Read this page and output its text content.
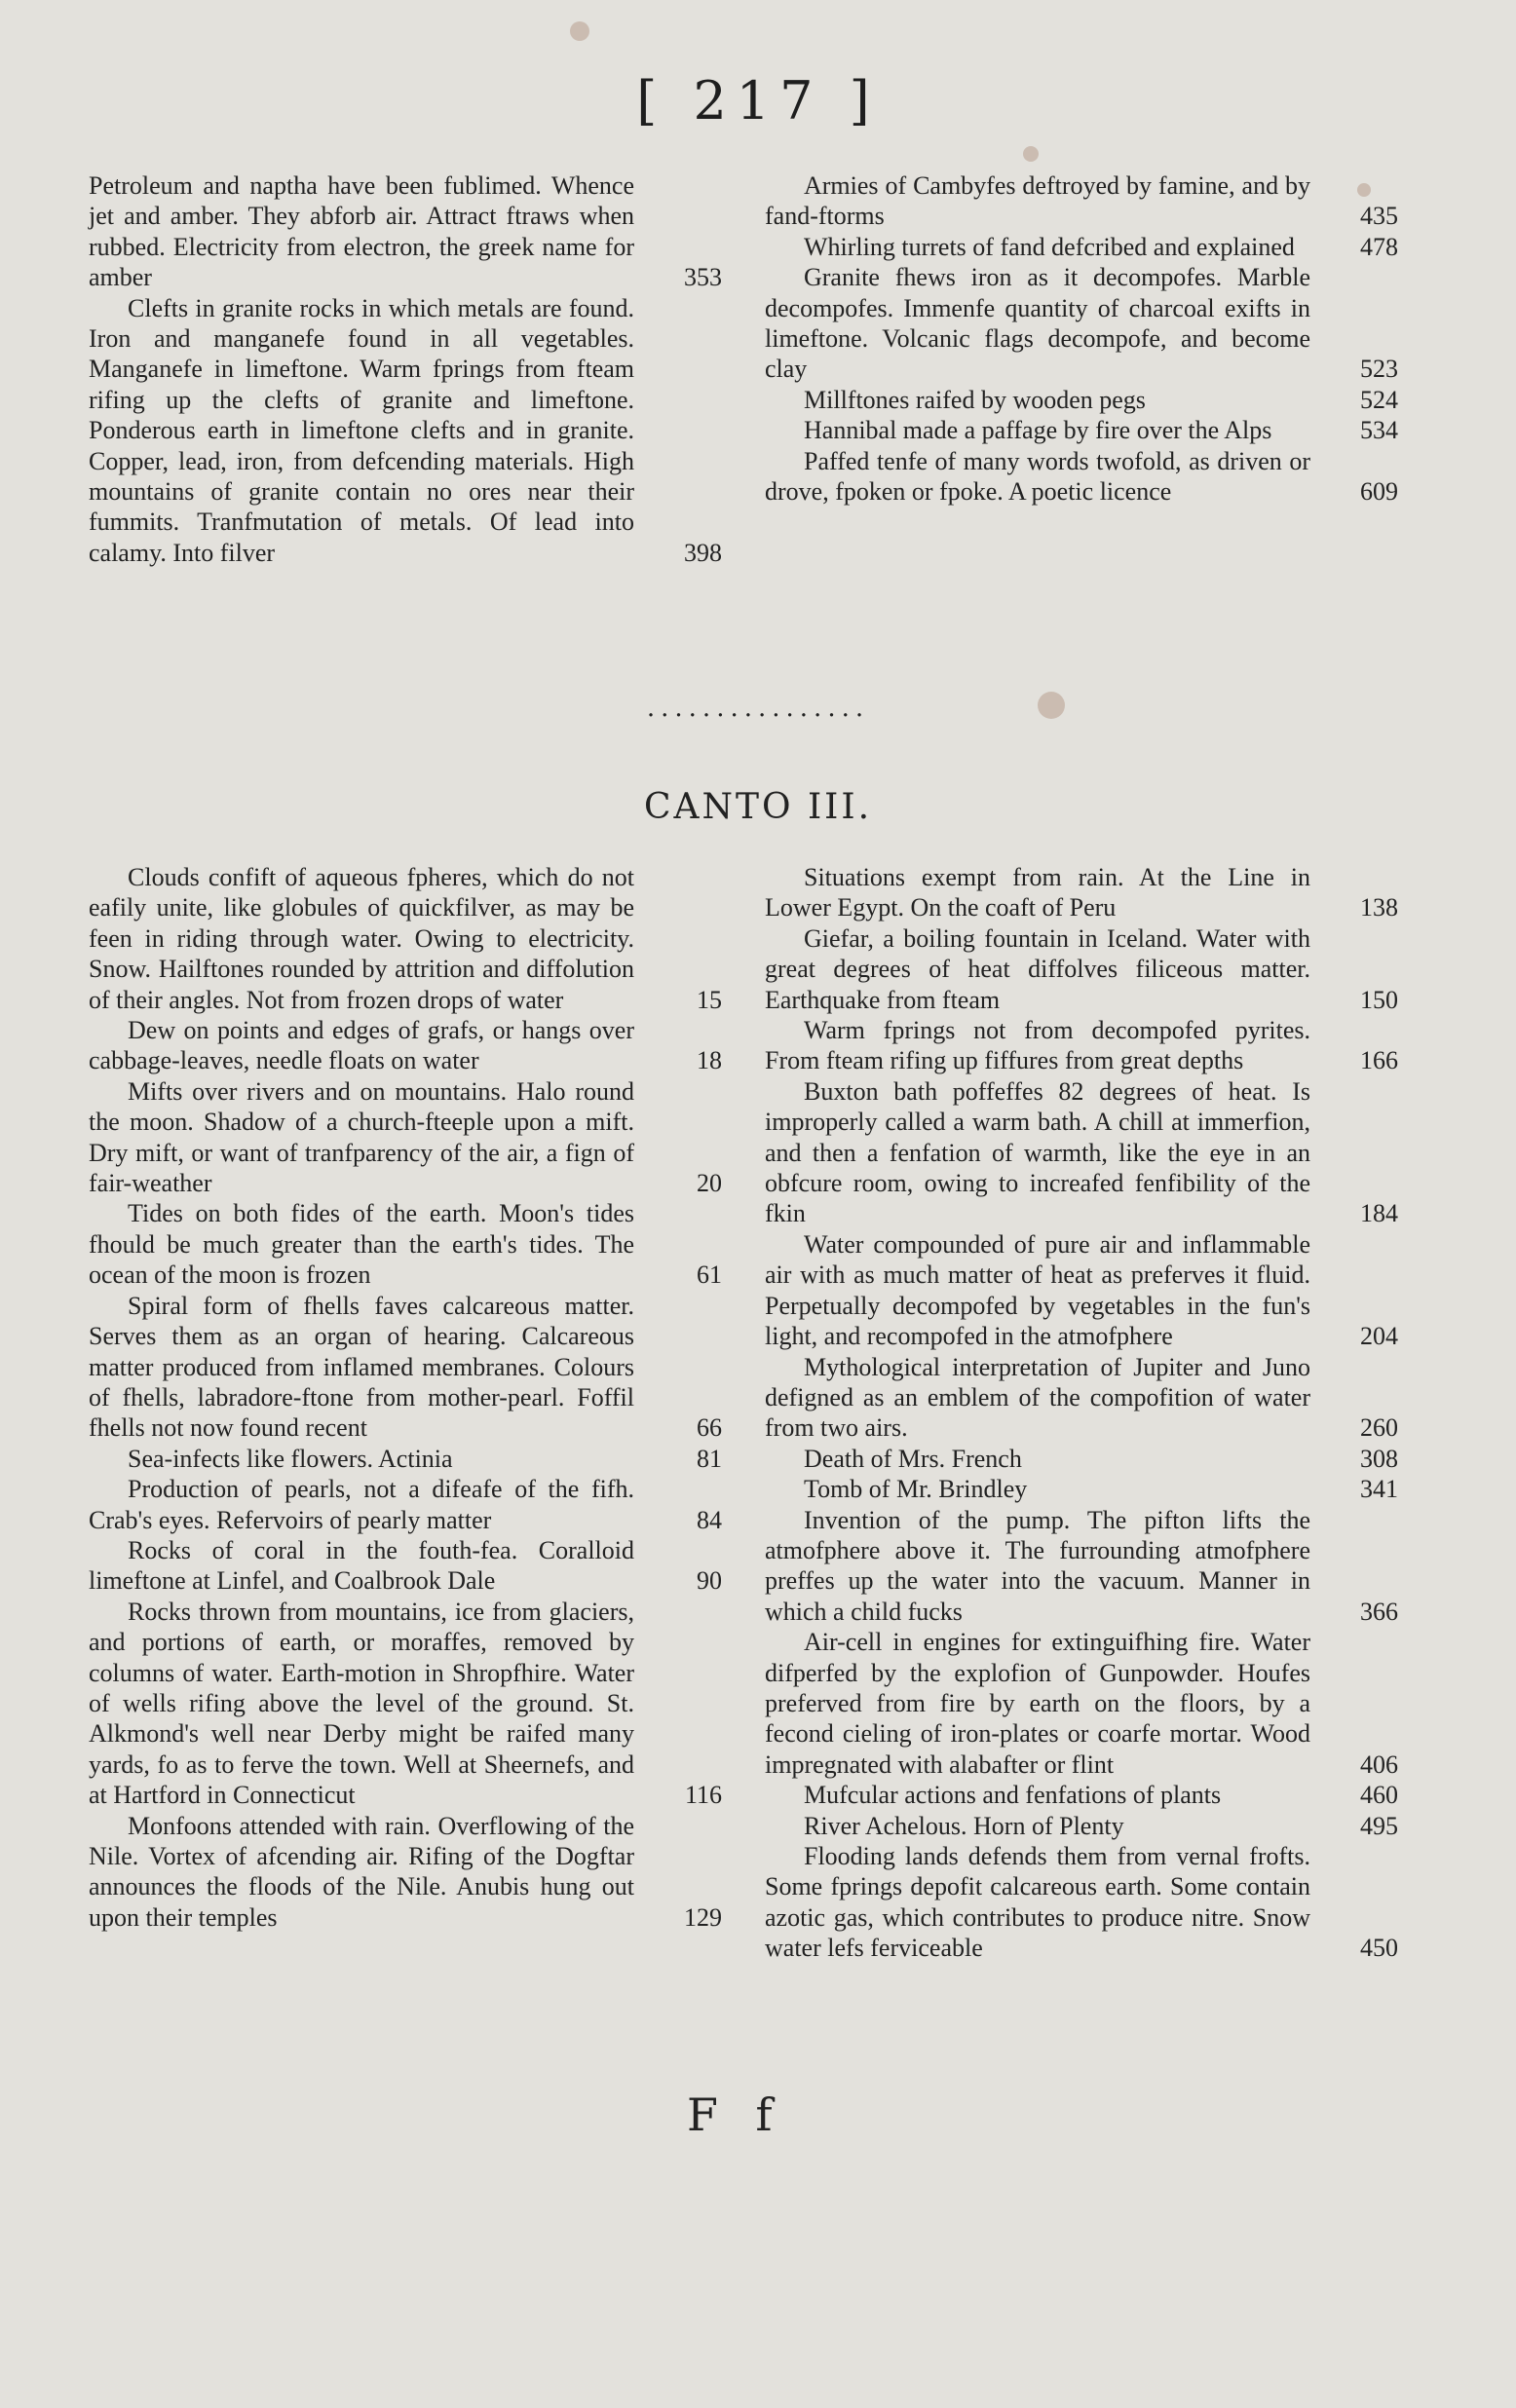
[ 217 ]
Petroleum and naptha have been fublimed. Whence jet and amber. They abforb air. Attract ftraws when rubbed. Electricity from electron, the greek name for amber	353
Clefts in granite rocks in which metals are found. Iron and manganefe found in all vegetables. Manganefe in limeftone. Warm fprings from fteam rifing up the clefts of granite and limeftone. Ponderous earth in limeftone clefts and in granite. Copper, lead, iron, from defcending materials. High mountains of granite contain no ores near their fummits. Tranfmutation of metals. Of lead into calamy. Into filver	398
Armies of Cambyfes deftroyed by famine, and by fand-ftorms	435
Whirling turrets of fand defcribed and explained	478
Granite fhews iron as it decompofes. Marble decompofes. Immenfe quantity of charcoal exifts in limeftone. Volcanic flags decompofe, and become clay	523
Millftones raifed by wooden pegs	524
Hannibal made a paffage by fire over the Alps	534
Paffed tenfe of many words twofold, as driven or drove, fpoken or fpoke. A poetic licence	609
................
CANTO III.
Clouds confift of aqueous fpheres, which do not eafily unite, like globules of quickfilver, as may be feen in riding through water. Owing to electricity. Snow. Hailftones rounded by attrition and diffolution of their angles. Not from frozen drops of water	15
Dew on points and edges of grafs, or hangs over cabbage-leaves, needle floats on water	18
Mifts over rivers and on mountains. Halo round the moon. Shadow of a church-fteeple upon a mift. Dry mift, or want of tranfparency of the air, a fign of fair-weather	20
Tides on both fides of the earth. Moon's tides fhould be much greater than the earth's tides. The ocean of the moon is frozen	61
Spiral form of fhells faves calcareous matter. Serves them as an organ of hearing. Calcareous matter produced from inflamed membranes. Colours of fhells, labradore-ftone from mother-pearl. Foffil fhells not now found recent	66
Sea-infects like flowers. Actinia	81
Production of pearls, not a difeafe of the fifh. Crab's eyes. Refervoirs of pearly matter	84
Rocks of coral in the fouth-fea. Coralloid limeftone at Linfel, and Coalbrook Dale	90
Rocks thrown from mountains, ice from glaciers, and portions of earth, or moraffes, removed by columns of water. Earth-motion in Shropfhire. Water of wells rifing above the level of the ground. St. Alkmond's well near Derby might be raifed many yards, fo as to ferve the town. Well at Sheernefs, and at Hartford in Connecticut	116
Monfoons attended with rain. Overflowing of the Nile. Vortex of afcending air. Rifing of the Dogftar announces the floods of the Nile. Anubis hung out upon their temples	129
Situations exempt from rain. At the Line in Lower Egypt. On the coaft of Peru	138
Giefar, a boiling fountain in Iceland. Water with great degrees of heat diffolves filiceous matter. Earthquake from fteam	150
Warm fprings not from decompofed pyrites. From fteam rifing up fiffures from great depths	166
Buxton bath poffeffes 82 degrees of heat. Is improperly called a warm bath. A chill at immerfion, and then a fenfation of warmth, like the eye in an obfcure room, owing to increafed fenfibility of the fkin	184
Water compounded of pure air and inflammable air with as much matter of heat as preferves it fluid. Perpetually decompofed by vegetables in the fun's light, and recompofed in the atmofphere	204
Mythological interpretation of Jupiter and Juno defigned as an emblem of the compofition of water from two airs.	260
Death of Mrs. French	308
Tomb of Mr. Brindley	341
Invention of the pump. The pifton lifts the atmofphere above it. The furrounding atmofphere preffes up the water into the vacuum. Manner in which a child fucks	366
Air-cell in engines for extinguifhing fire. Water difperfed by the explofion of Gunpowder. Houfes preferved from fire by earth on the floors, by a fecond cieling of iron-plates or coarfe mortar. Wood impregnated with alabafter or flint	406
Mufcular actions and fenfations of plants	460
River Achelous. Horn of Plenty	495
Flooding lands defends them from vernal frofts. Some fprings depofit calcareous earth. Some contain azotic gas, which contributes to produce nitre. Snow water lefs ferviceable	450
F f
